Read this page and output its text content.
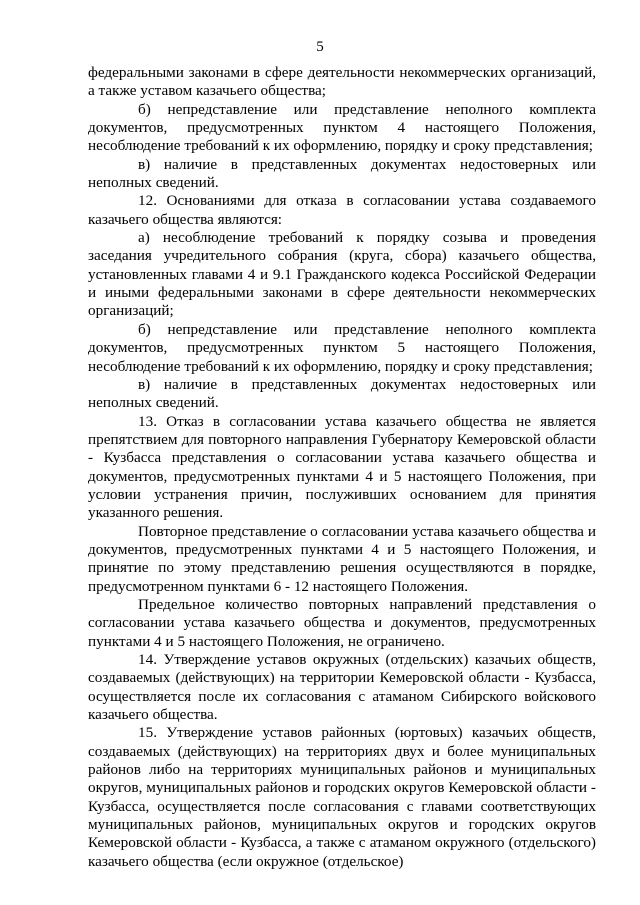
5

федеральными законами в сфере деятельности некоммерческих организаций, а также уставом казачьего общества;

б) непредставление или представление неполного комплекта документов, предусмотренных пунктом 4 настоящего Положения, несоблюдение требований к их оформлению, порядку и сроку представления;

в) наличие в представленных документах недостоверных или неполных сведений.

12. Основаниями для отказа в согласовании устава создаваемого казачьего общества являются:

а) несоблюдение требований к порядку созыва и проведения заседания учредительного собрания (круга, сбора) казачьего общества, установленных главами 4 и 9.1 Гражданского кодекса Российской Федерации и иными федеральными законами в сфере деятельности некоммерческих организаций;

б) непредставление или представление неполного комплекта документов, предусмотренных пунктом 5 настоящего Положения, несоблюдение требований к их оформлению, порядку и сроку представления;

в) наличие в представленных документах недостоверных или неполных сведений.

13. Отказ в согласовании устава казачьего общества не является препятствием для повторного направления Губернатору Кемеровской области - Кузбасса представления о согласовании устава казачьего общества и документов, предусмотренных пунктами 4 и 5 настоящего Положения, при условии устранения причин, послуживших основанием для принятия указанного решения.

Повторное представление о согласовании устава казачьего общества и документов, предусмотренных пунктами 4 и 5 настоящего Положения, и принятие по этому представлению решения осуществляются в порядке, предусмотренном пунктами 6 - 12 настоящего Положения.

Предельное количество повторных направлений представления о согласовании устава казачьего общества и документов, предусмотренных пунктами 4 и 5 настоящего Положения, не ограничено.

14. Утверждение уставов окружных (отдельских) казачьих обществ, создаваемых (действующих) на территории Кемеровской области - Кузбасса, осуществляется после их согласования с атаманом Сибирского войскового казачьего общества.

15. Утверждение уставов районных (юртовых) казачьих обществ, создаваемых (действующих) на территориях двух и более муниципальных районов либо на территориях муниципальных районов и муниципальных округов, муниципальных районов и городских округов Кемеровской области - Кузбасса, осуществляется после согласования с главами соответствующих муниципальных районов, муниципальных округов и городских округов Кемеровской области - Кузбасса, а также с атаманом окружного (отдельского) казачьего общества (если окружное (отдельское)
